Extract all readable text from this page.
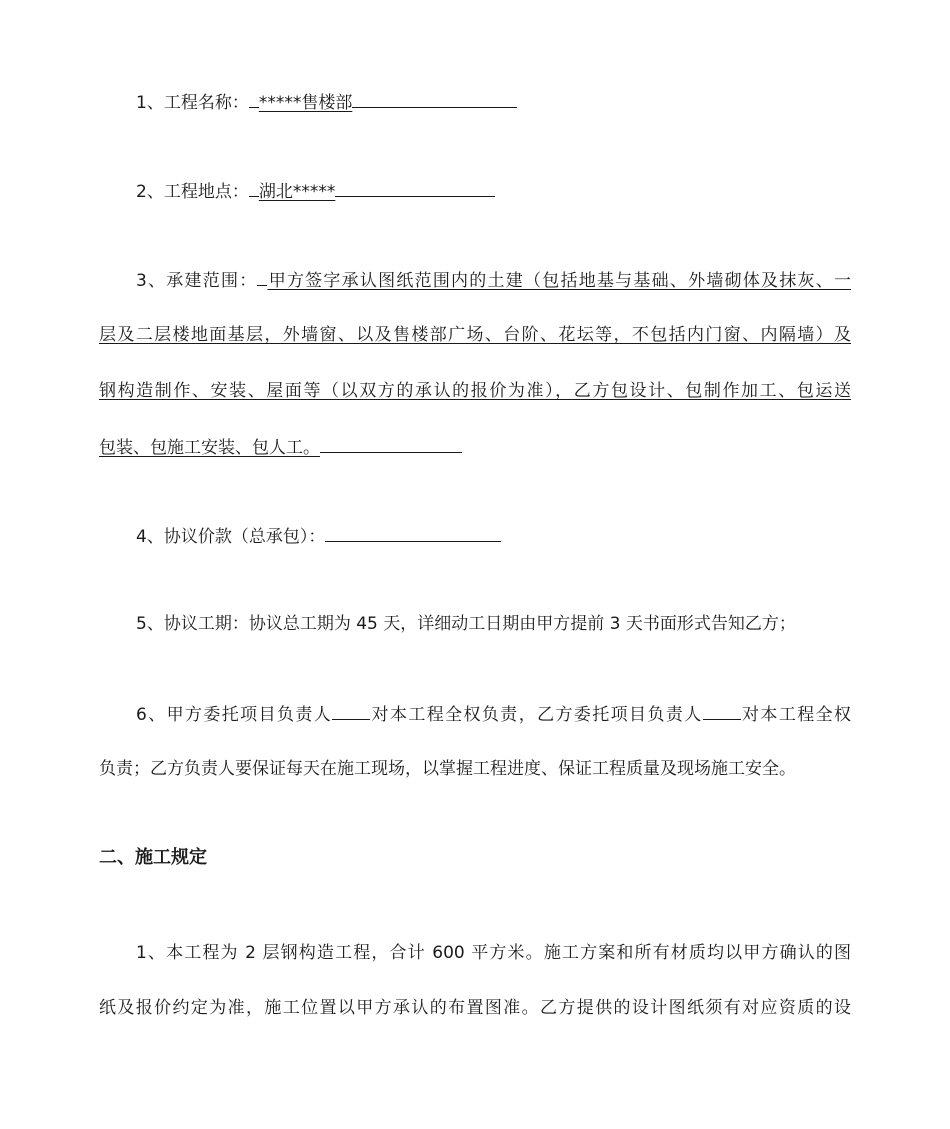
1、工程名称： *****售楼部
2、工程地点： 湖北*****
3、承建范围： 甲方签字承认图纸范围内的土建（包括地基与基础、外墙砌体及抹灰、一
层及二层楼地面基层，外墙窗、以及售楼部广场、台阶、花坛等，不包括内门窗、内隔墙）及
钢构造制作、安装、屋面等（以双方的承认的报价为准），乙方包设计、包制作加工、包运送
包装、包施工安装、包人工。
4、协议价款（总承包）：
5、协议工期：协议总工期为 45 天，详细动工日期由甲方提前 3 天书面形式告知乙方；
6、甲方委托项目负责人 对本工程全权负责，乙方委托项目负责人 对本工程全权
负责；乙方负责人要保证每天在施工现场，以掌握工程进度、保证工程质量及现场施工安全。
二、施工规定
1、本工程为 2 层钢构造工程，合计 600 平方米。施工方案和所有材质均以甲方确认的图
纸及报价约定为准，施工位置以甲方承认的布置图准。乙方提供的设计图纸须有对应资质的设
